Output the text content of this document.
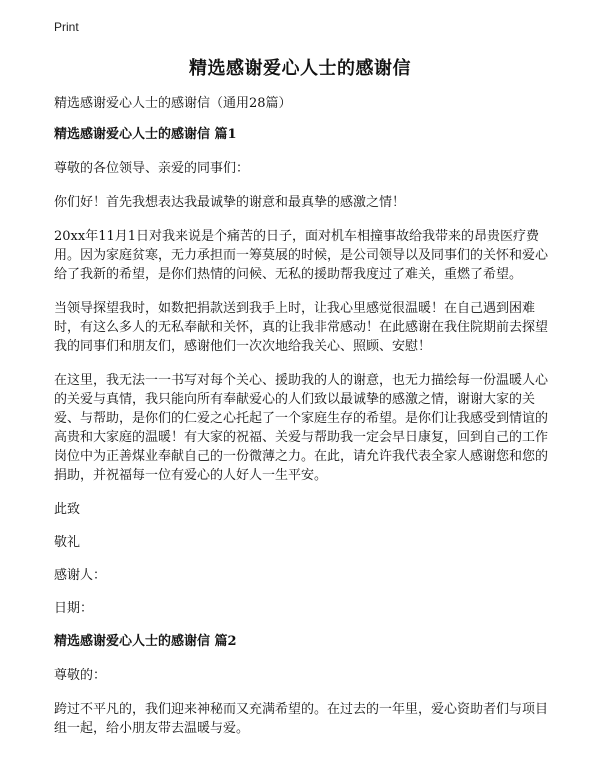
Print
精选感谢爱心人士的感谢信

精选感谢爱心人士的感谢信（通用28篇）

精选感谢爱心人士的感谢信 篇1

尊敬的各位领导、亲爱的同事们：

你们好！首先我想表达我最诚挚的谢意和最真挚的感激之情！

20xx年11月1日对我来说是个痛苦的日子，面对机车相撞事故给我带来的昂贵医疗费用。因为家庭贫寒，无力承担而一筹莫展的时候，是公司领导以及同事们的关怀和爱心给了我新的希望，是你们热情的问候、无私的援助帮我度过了难关，重燃了希望。

当领导探望我时，如数把捐款送到我手上时，让我心里感觉很温暖！在自己遇到困难时，有这么多人的无私奉献和关怀，真的让我非常感动！在此感谢在我住院期前去探望我的同事们和朋友们，感谢他们一次次地给我关心、照顾、安慰！

在这里，我无法一一书写对每个关心、援助我的人的谢意，也无力描绘每一份温暖人心的关爱与真情，我只能向所有奉献爱心的人们致以最诚挚的感激之情，谢谢大家的关爱、与帮助，是你们的仁爱之心托起了一个家庭生存的希望。是你们让我感受到情谊的高贵和大家庭的温暖！有大家的祝福、关爱与帮助我一定会早日康复，回到自己的工作岗位中为正善煤业奉献自己的一份微薄之力。在此，请允许我代表全家人感谢您和您的捐助，并祝福每一位有爱心的人好人一生平安。

此致

敬礼

感谢人：

日期：

精选感谢爱心人士的感谢信 篇2

尊敬的：

跨过不平凡的，我们迎来神秘而又充满希望的。在过去的一年里，爱心资助者们与项目组一起，给小朋友带去温暖与爱。
